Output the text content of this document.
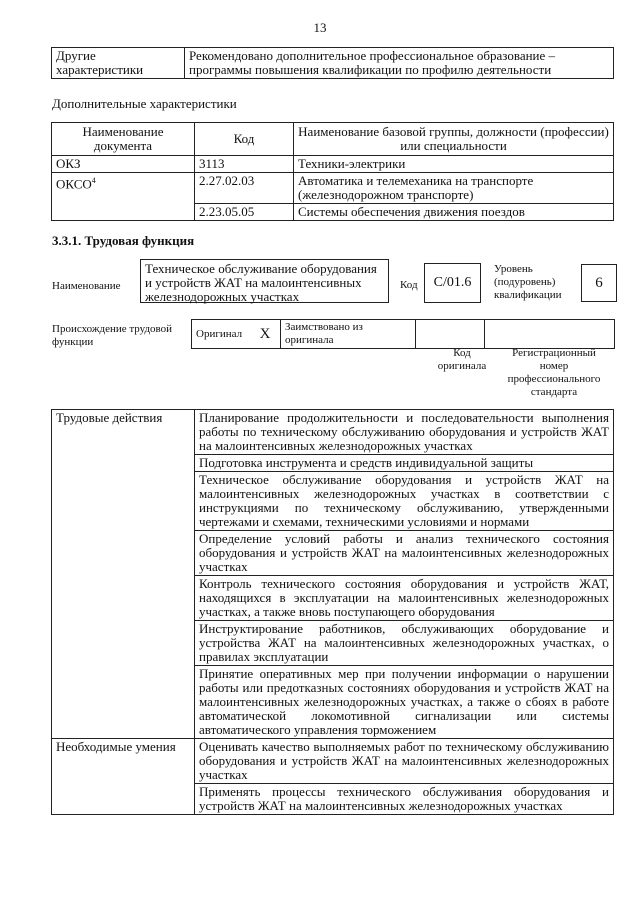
13
Другие характеристики	Рекомендовано дополнительное профессиональное образование – программы повышения квалификации по профилю деятельности
Дополнительные характеристики
Наименование документа	Код	Наименование базовой группы, должности (профессии) или специальности
ОКЗ	3113	Техники-электрики
ОКСО$^4$	2.27.02.03	Автоматика и телемеханика на транспорте (железнодорожном транспорте)
	2.23.05.05	Системы обеспечения движения поездов
3.3.1. Трудовая функция
Наименование
Техническое обслуживание оборудования и устройств ЖАТ на малоинтенсивных железнодорожных участках
Код	C/01.6
Уровень (подуровень) квалификации
6
Происхождение трудовой функции
Оригинал	X	Заимствовано из оригинала		
Код оригинала
Регистрационный номер профессионального стандарта
Трудовые действия	Планирование продолжительности и последовательности выполнения работы по техническому обслуживанию оборудования и устройств ЖАТ на малоинтенсивных железнодорожных участках
	Подготовка инструмента и средств индивидуальной защиты
	Техническое обслуживание оборудования и устройств ЖАТ на малоинтенсивных железнодорожных участках в соответствии с инструкциями по техническому обслуживанию, утвержденными чертежами и схемами, техническими условиями и нормами
	Определение условий работы и анализ технического состояния оборудования и устройств ЖАТ на малоинтенсивных железнодорожных участках
	Контроль технического состояния оборудования и устройств ЖАТ, находящихся в эксплуатации на малоинтенсивных железнодорожных участках, а также вновь поступающего оборудования
	Инструктирование работников, обслуживающих оборудование и устройства ЖАТ на малоинтенсивных железнодорожных участках, о правилах эксплуатации
	Принятие оперативных мер при получении информации о нарушении работы или предотказных состояниях оборудования и устройств ЖАТ на малоинтенсивных железнодорожных участках, а также о сбоях в работе автоматической локомотивной сигнализации или системы автоматического управления торможением
Необходимые умения	Оценивать качество выполняемых работ по техническому обслуживанию оборудования и устройств ЖАТ на малоинтенсивных железнодорожных участках
	Применять процессы технического обслуживания оборудования и устройств ЖАТ на малоинтенсивных железнодорожных участках
